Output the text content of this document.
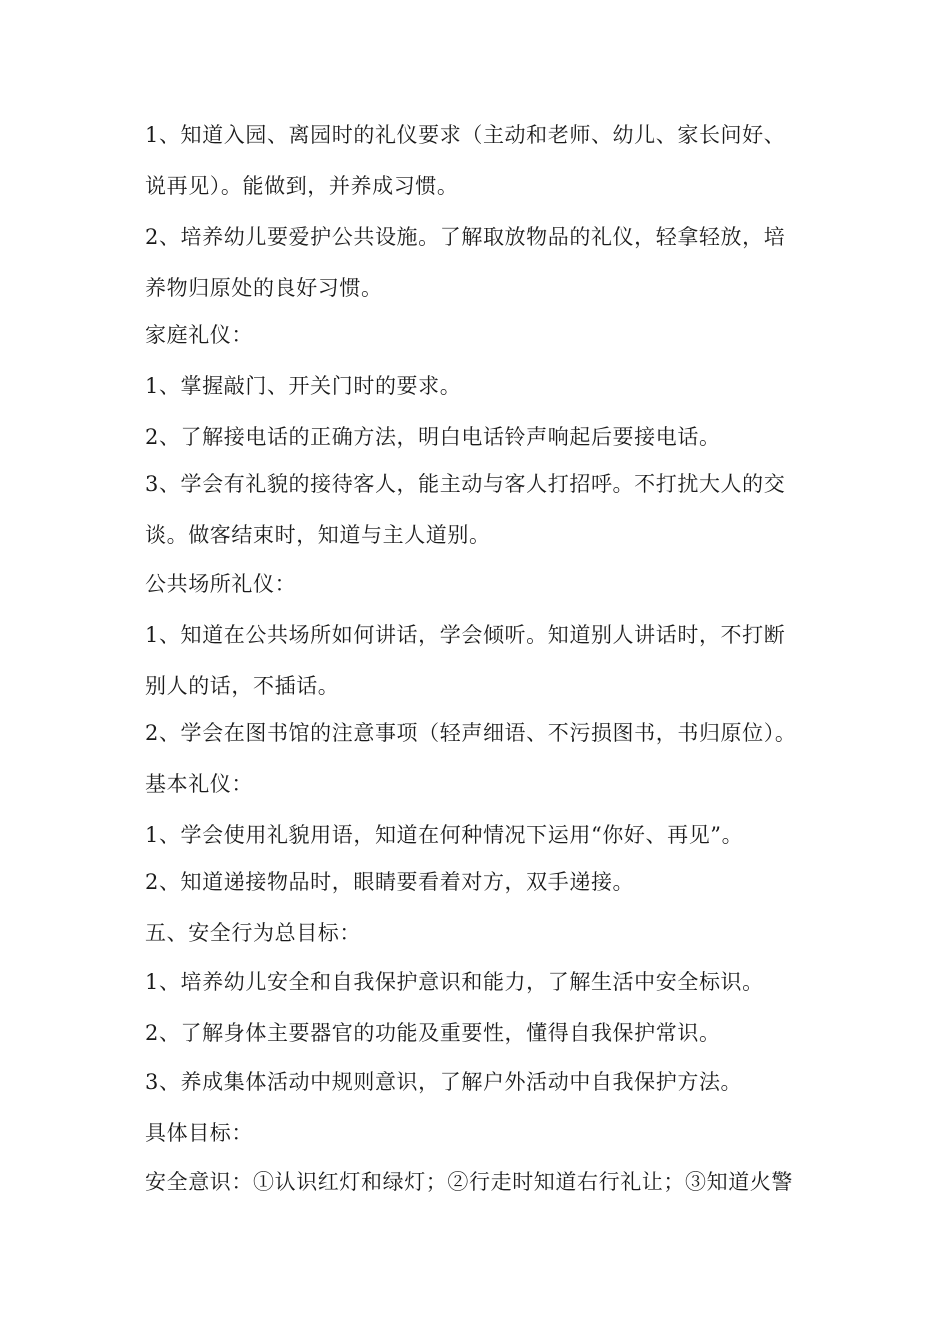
1、知道入园、离园时的礼仪要求（主动和老师、幼儿、家长问好、

说再见）。能做到，并养成习惯。

2、培养幼儿要爱护公共设施。了解取放物品的礼仪，轻拿轻放，培

养物归原处的良好习惯。

家庭礼仪：

1、掌握敲门、开关门时的要求。

2、了解接电话的正确方法，明白电话铃声响起后要接电话。

3、学会有礼貌的接待客人，能主动与客人打招呼。不打扰大人的交

谈。做客结束时，知道与主人道别。

公共场所礼仪：

1、知道在公共场所如何讲话，学会倾听。知道别人讲话时，不打断

别人的话，不插话。

2、学会在图书馆的注意事项（轻声细语、不污损图书，书归原位）。

基本礼仪：

1、学会使用礼貌用语，知道在何种情况下运用“你好、再见”。

2、知道递接物品时，眼睛要看着对方，双手递接。

五、安全行为总目标：

1、培养幼儿安全和自我保护意识和能力，了解生活中安全标识。

2、了解身体主要器官的功能及重要性，懂得自我保护常识。

3、养成集体活动中规则意识，了解户外活动中自我保护方法。

具体目标：

安全意识：①认识红灯和绿灯；②行走时知道右行礼让；③知道火警
